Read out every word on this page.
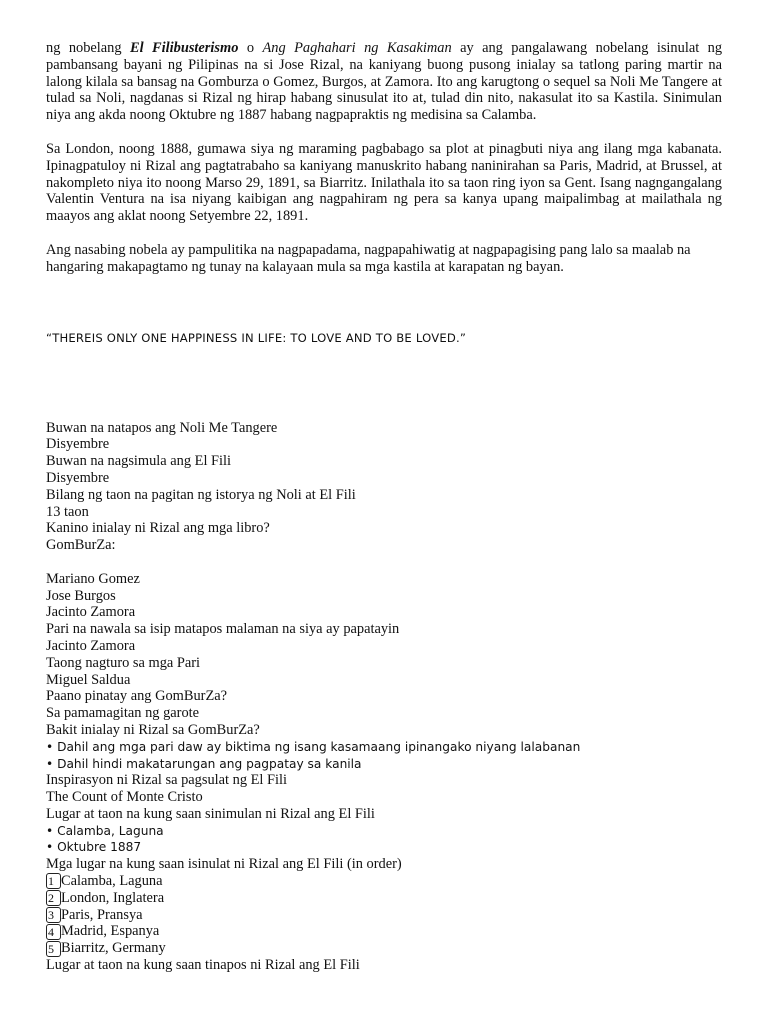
ng nobelang El Filibusterismo o Ang Paghahari ng Kasakiman ay ang pangalawang nobelang isinulat ng pambansang bayani ng Pilipinas na si Jose Rizal, na kaniyang buong pusong inialay sa tatlong paring martir na lalong kilala sa bansag na Gomburza o Gomez, Burgos, at Zamora. Ito ang karugtong o sequel sa Noli Me Tangere at tulad sa Noli, nagdanas si Rizal ng hirap habang sinusulat ito at, tulad din nito, nakasulat ito sa Kastila. Sinimulan niya ang akda noong Oktubre ng 1887 habang nagpapraktis ng medisina sa Calamba.

Sa London, noong 1888, gumawa siya ng maraming pagbabago sa plot at pinagbuti niya ang ilang mga kabanata. Ipinagpatuloy ni Rizal ang pagtatrabaho sa kaniyang manuskrito habang naninirahan sa Paris, Madrid, at Brussel, at nakompleto niya ito noong Marso 29, 1891, sa Biarritz. Inilathala ito sa taon ring iyon sa Gent. Isang nagngangalang Valentin Ventura na isa niyang kaibigan ang nagpahiram ng pera sa kanya upang maipalimbag at mailathala ng maayos ang aklat noong Setyembre 22, 1891.

Ang nasabing nobela ay pampulitika na nagpapadama, nagpapahiwatig at nagpapagising pang lalo sa maalab na hangaring makapagtamo ng tunay na kalayaan mula sa mga kastila at karapatan ng bayan.

“THEREIS ONLY ONE HAPPINESS IN LIFE: TO LOVE AND TO BE LOVED.”
Buwan na natapos ang Noli Me Tangere
Disyembre
Buwan na nagsimula ang El Fili
Disyembre
Bilang ng taon na pagitan ng istorya ng Noli at El Fili
13 taon
Kanino inialay ni Rizal ang mga libro?
GomBurZa:
Mariano Gomez
Jose Burgos
Jacinto Zamora
Pari na nawala sa isip matapos malaman na siya ay papatayin
Jacinto Zamora
Taong nagturo sa mga Pari
Miguel Saldua
Paano pinatay ang GomBurZa?
Sa pamamagitan ng garote
Bakit inialay ni Rizal sa GomBurZa?
• Dahil ang mga pari daw ay biktima ng isang kasamaang ipinangako niyang lalabanan
• Dahil hindi makatarungan ang pagpatay sa kanila
Inspirasyon ni Rizal sa pagsulat ng El Fili
The Count of Monte Cristo
Lugar at taon na kung saan sinimulan ni Rizal ang El Fili
• Calamba, Laguna
• Oktubre 1887
Mga lugar na kung saan isinulat ni Rizal ang El Fili (in order)
1 Calamba, Laguna
2 London, Inglatera
3 Paris, Pransya
4 Madrid, Espanya
5 Biarritz, Germany
Lugar at taon na kung saan tinapos ni Rizal ang El Fili
